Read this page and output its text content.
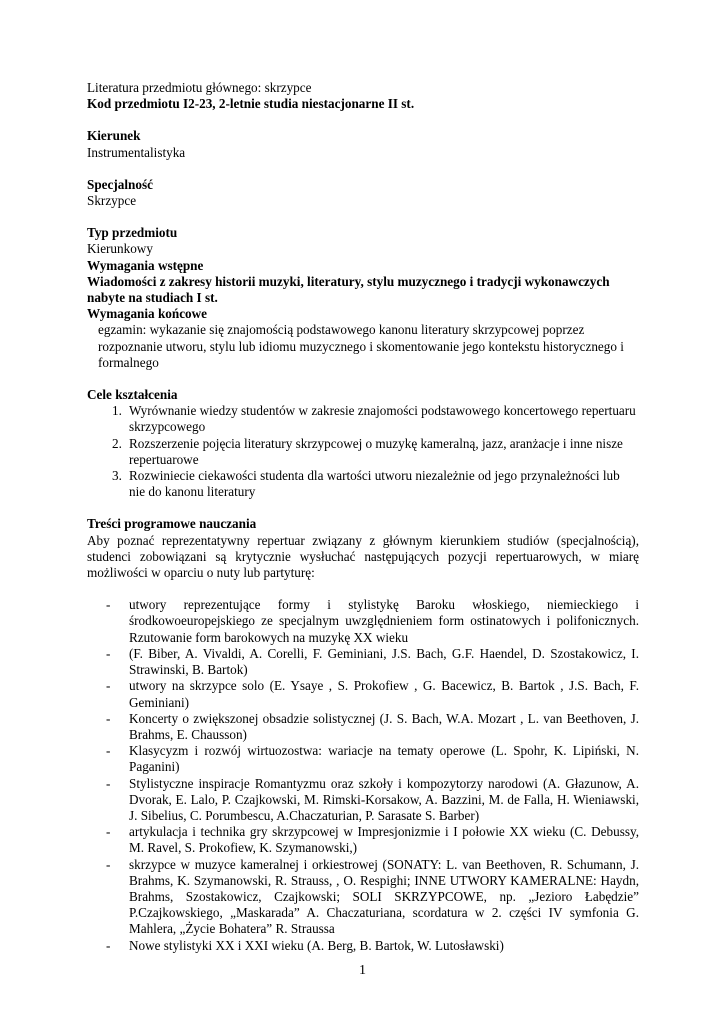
Literatura przedmiotu głównego: skrzypce

Kod przedmiotu I2-23, 2-letnie studia niestacjonarne II st.

Kierunek

Instrumentalistyka

Specjalność

Skrzypce

Typ przedmiotu

Kierunkowy

Wymagania wstępne

Wiadomości z zakresy historii muzyki, literatury, stylu muzycznego i tradycji wykonawczych nabyte na studiach I st.

Wymagania końcowe

egzamin: wykazanie się znajomością podstawowego kanonu literatury skrzypcowej poprzez rozpoznanie utworu, stylu lub idiomu muzycznego i skomentowanie jego kontekstu historycznego i formalnego

Cele kształcenia

1. Wyrównanie wiedzy studentów w zakresie znajomości podstawowego koncertowego repertuaru skrzypcowego
2. Rozszerzenie pojęcia literatury skrzypcowej o muzykę kameralną, jazz, aranżacje i inne nisze repertuarowe
3. Rozwiniecie ciekawości studenta dla wartości utworu niezależnie od jego przynależności lub nie do kanonu literatury

Treści programowe nauczania

Aby poznać reprezentatywny repertuar związany z głównym kierunkiem studiów (specjalnością), studenci zobowiązani są krytycznie wysłuchać następujących pozycji repertuarowych, w miarę możliwości w oparciu o nuty lub partyturę:

- utwory reprezentujące formy i stylistykę Baroku włoskiego, niemieckiego i środkowoeuropejskiego ze specjalnym uwzględnieniem form ostinatowych i polifonicznych. Rzutowanie form barokowych na muzykę XX wieku
- (F. Biber, A. Vivaldi, A. Corelli, F. Geminiani, J.S. Bach, G.F. Haendel, D. Szostakowicz, I. Strawinski, B. Bartok)
- utwory na skrzypce solo (E. Ysaye , S. Prokofiew , G. Bacewicz, B. Bartok , J.S. Bach, F. Geminiani)
- Koncerty o zwiększonej obsadzie solistycznej (J. S. Bach, W.A. Mozart , L. van Beethoven, J. Brahms, E. Chausson)
- Klasycyzm i rozwój wirtuozostwa: wariacje na tematy operowe (L. Spohr, K. Lipiński, N. Paganini)
- Stylistyczne inspiracje Romantyzmu oraz szkoły i kompozytorzy narodowi (A. Głazunow, A. Dvorak, E. Lalo, P. Czajkowski, M. Rimski-Korsakow, A. Bazzini, M. de Falla, H. Wieniawski, J. Sibelius, C. Porumbescu, A.Chaczaturian, P. Sarasate S. Barber)
- artykulacja i technika gry skrzypcowej w Impresjonizmie i I połowie XX wieku (C. Debussy, M. Ravel, S. Prokofiew, K. Szymanowski,)
- skrzypce w muzyce kameralnej i orkiestrowej (SONATY: L. van Beethoven, R. Schumann, J. Brahms, K. Szymanowski, R. Strauss, , O. Respighi; INNE UTWORY KAMERALNE: Haydn, Brahms, Szostakowicz, Czajkowski; SOLI SKRZYPCOWE, np. „Jezioro Łabędzie” P.Czajkowskiego, „Maskarada” A. Chaczaturiana, scordatura w 2. części IV symfonia G. Mahlera, „Życie Bohatera” R. Straussa
- Nowe stylistyki XX i XXI wieku (A. Berg, B. Bartok, W. Lutosławski)
1
